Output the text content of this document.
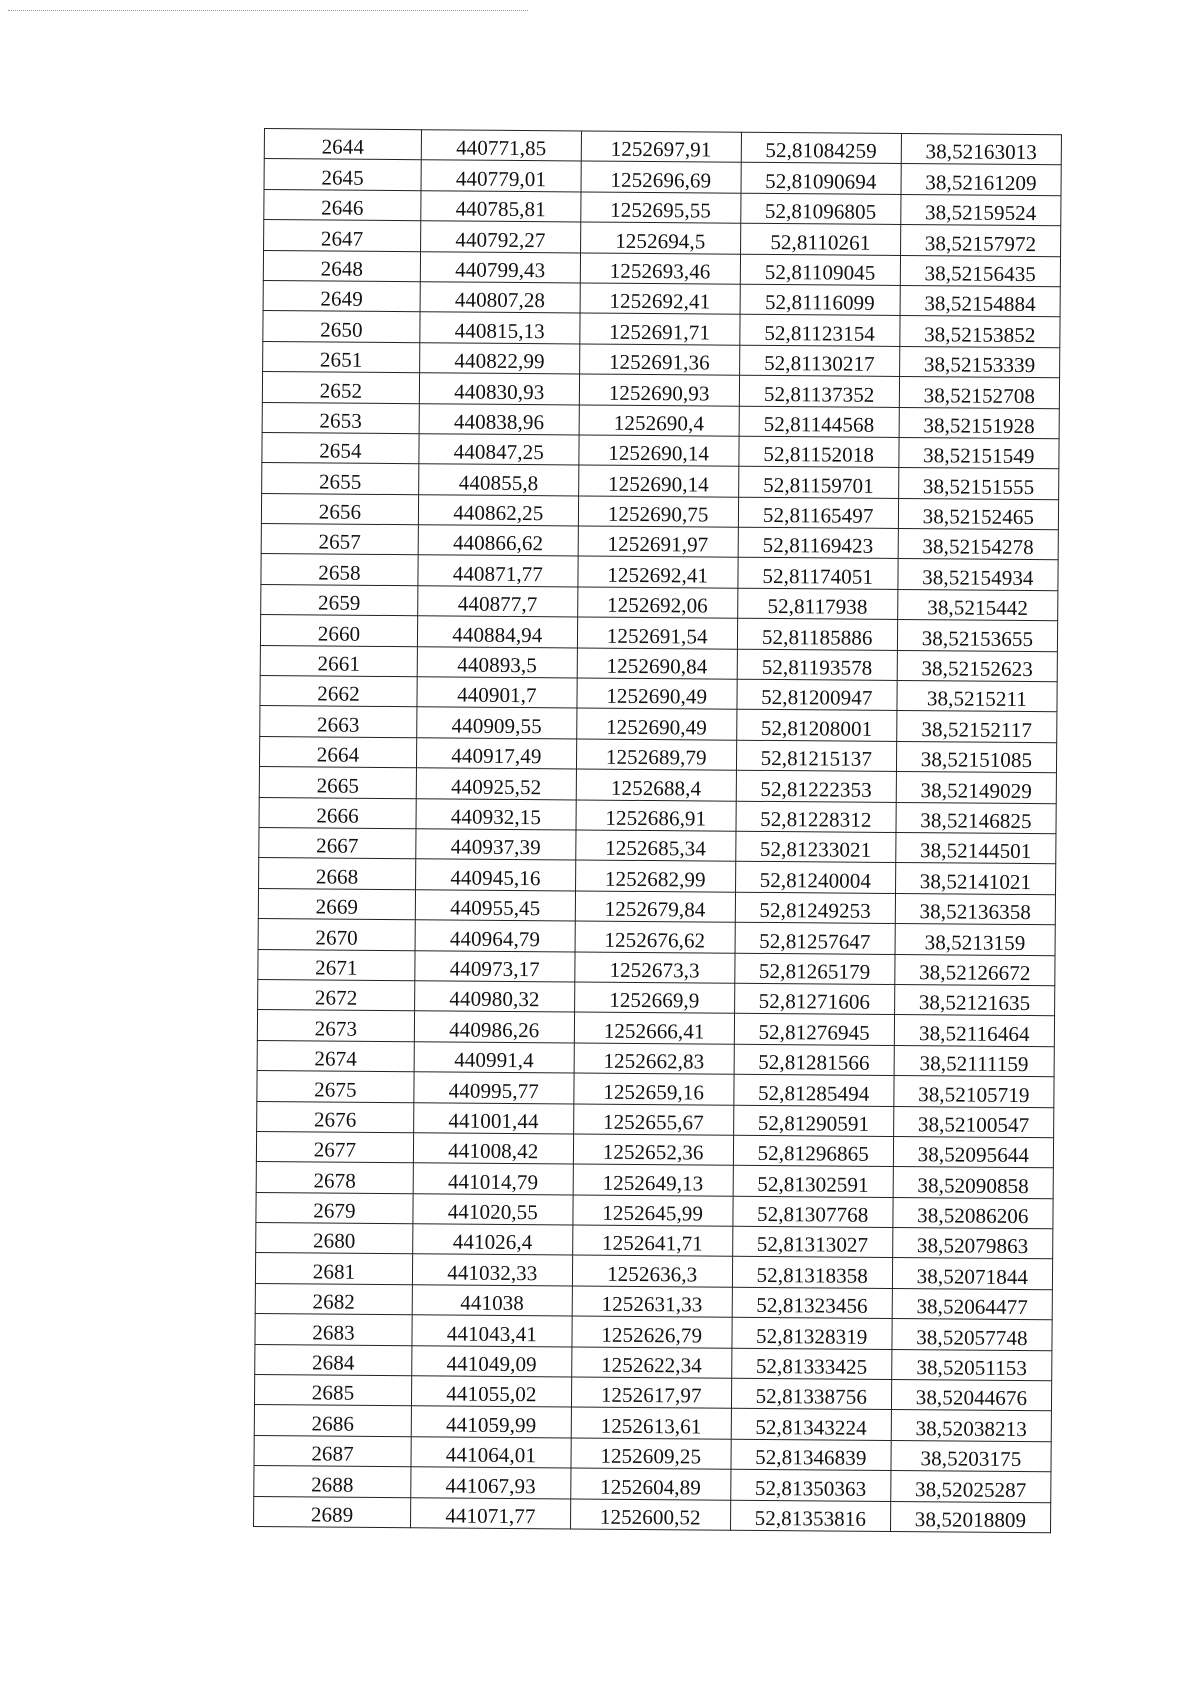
2644	440771,85	1252697,91	52,81084259	38,52163013
2645	440779,01	1252696,69	52,81090694	38,52161209
2646	440785,81	1252695,55	52,81096805	38,52159524
2647	440792,27	1252694,5	52,8110261	38,52157972
2648	440799,43	1252693,46	52,81109045	38,52156435
2649	440807,28	1252692,41	52,81116099	38,52154884
2650	440815,13	1252691,71	52,81123154	38,52153852
2651	440822,99	1252691,36	52,81130217	38,52153339
2652	440830,93	1252690,93	52,81137352	38,52152708
2653	440838,96	1252690,4	52,81144568	38,52151928
2654	440847,25	1252690,14	52,81152018	38,52151549
2655	440855,8	1252690,14	52,81159701	38,52151555
2656	440862,25	1252690,75	52,81165497	38,52152465
2657	440866,62	1252691,97	52,81169423	38,52154278
2658	440871,77	1252692,41	52,81174051	38,52154934
2659	440877,7	1252692,06	52,8117938	38,5215442
2660	440884,94	1252691,54	52,81185886	38,52153655
2661	440893,5	1252690,84	52,81193578	38,52152623
2662	440901,7	1252690,49	52,81200947	38,5215211
2663	440909,55	1252690,49	52,81208001	38,52152117
2664	440917,49	1252689,79	52,81215137	38,52151085
2665	440925,52	1252688,4	52,81222353	38,52149029
2666	440932,15	1252686,91	52,81228312	38,52146825
2667	440937,39	1252685,34	52,81233021	38,52144501
2668	440945,16	1252682,99	52,81240004	38,52141021
2669	440955,45	1252679,84	52,81249253	38,52136358
2670	440964,79	1252676,62	52,81257647	38,5213159
2671	440973,17	1252673,3	52,81265179	38,52126672
2672	440980,32	1252669,9	52,81271606	38,52121635
2673	440986,26	1252666,41	52,81276945	38,52116464
2674	440991,4	1252662,83	52,81281566	38,52111159
2675	440995,77	1252659,16	52,81285494	38,52105719
2676	441001,44	1252655,67	52,81290591	38,52100547
2677	441008,42	1252652,36	52,81296865	38,52095644
2678	441014,79	1252649,13	52,81302591	38,52090858
2679	441020,55	1252645,99	52,81307768	38,52086206
2680	441026,4	1252641,71	52,81313027	38,52079863
2681	441032,33	1252636,3	52,81318358	38,52071844
2682	441038	1252631,33	52,81323456	38,52064477
2683	441043,41	1252626,79	52,81328319	38,52057748
2684	441049,09	1252622,34	52,81333425	38,52051153
2685	441055,02	1252617,97	52,81338756	38,52044676
2686	441059,99	1252613,61	52,81343224	38,52038213
2687	441064,01	1252609,25	52,81346839	38,5203175
2688	441067,93	1252604,89	52,81350363	38,52025287
2689	441071,77	1252600,52	52,81353816	38,52018809
